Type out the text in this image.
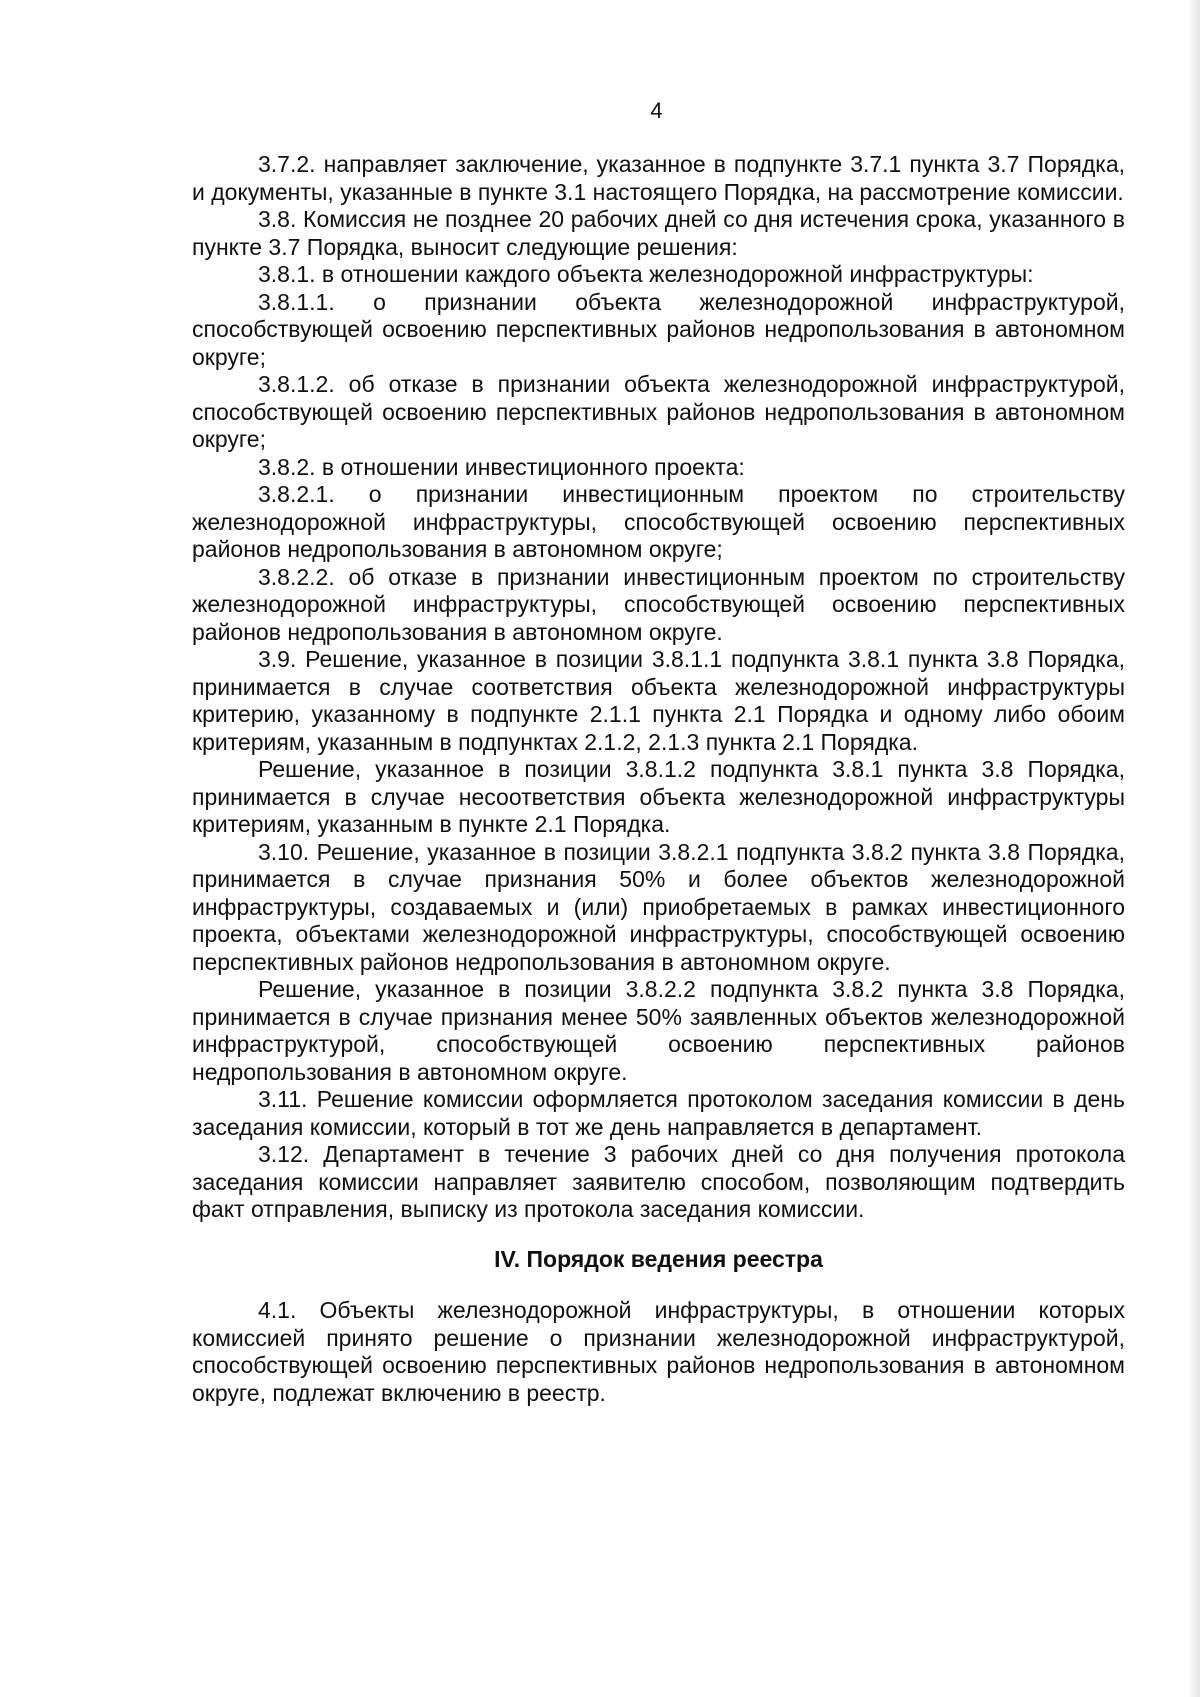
4

3.7.2. направляет заключение, указанное в подпункте 3.7.1 пункта 3.7 Порядка, и документы, указанные в пункте 3.1 настоящего Порядка, на рассмотрение комиссии.

3.8. Комиссия не позднее 20 рабочих дней со дня истечения срока, указанного в пункте 3.7 Порядка, выносит следующие решения:

3.8.1. в отношении каждого объекта железнодорожной инфраструктуры:

3.8.1.1. о признании объекта железнодорожной инфраструктурой, способствующей освоению перспективных районов недропользования в автономном округе;

3.8.1.2. об отказе в признании объекта железнодорожной инфраструктурой, способствующей освоению перспективных районов недропользования в автономном округе;

3.8.2. в отношении инвестиционного проекта:

3.8.2.1. о признании инвестиционным проектом по строительству железнодорожной инфраструктуры, способствующей освоению перспективных районов недропользования в автономном округе;

3.8.2.2. об отказе в признании инвестиционным проектом по строительству железнодорожной инфраструктуры, способствующей освоению перспективных районов недропользования в автономном округе.

3.9. Решение, указанное в позиции 3.8.1.1 подпункта 3.8.1 пункта 3.8 Порядка, принимается в случае соответствия объекта железнодорожной инфраструктуры критерию, указанному в подпункте 2.1.1 пункта 2.1 Порядка и одному либо обоим критериям, указанным в подпунктах 2.1.2, 2.1.3 пункта 2.1 Порядка.

Решение, указанное в позиции 3.8.1.2 подпункта 3.8.1 пункта 3.8 Порядка, принимается в случае несоответствия объекта железнодорожной инфраструктуры критериям, указанным в пункте 2.1 Порядка.

3.10. Решение, указанное в позиции 3.8.2.1 подпункта 3.8.2 пункта 3.8 Порядка, принимается в случае признания 50% и более объектов железнодорожной инфраструктуры, создаваемых и (или) приобретаемых в рамках инвестиционного проекта, объектами железнодорожной инфраструктуры, способствующей освоению перспективных районов недропользования в автономном округе.

Решение, указанное в позиции 3.8.2.2 подпункта 3.8.2 пункта 3.8 Порядка, принимается в случае признания менее 50% заявленных объектов железнодорожной инфраструктурой, способствующей освоению перспективных районов недропользования в автономном округе.

3.11. Решение комиссии оформляется протоколом заседания комиссии в день заседания комиссии, который в тот же день направляется в департамент.

3.12. Департамент в течение 3 рабочих дней со дня получения протокола заседания комиссии направляет заявителю способом, позволяющим подтвердить факт отправления, выписку из протокола заседания комиссии.

IV. Порядок ведения реестра

4.1. Объекты железнодорожной инфраструктуры, в отношении которых комиссией принято решение о признании железнодорожной инфраструктурой, способствующей освоению перспективных районов недропользования в автономном округе, подлежат включению в реестр.
